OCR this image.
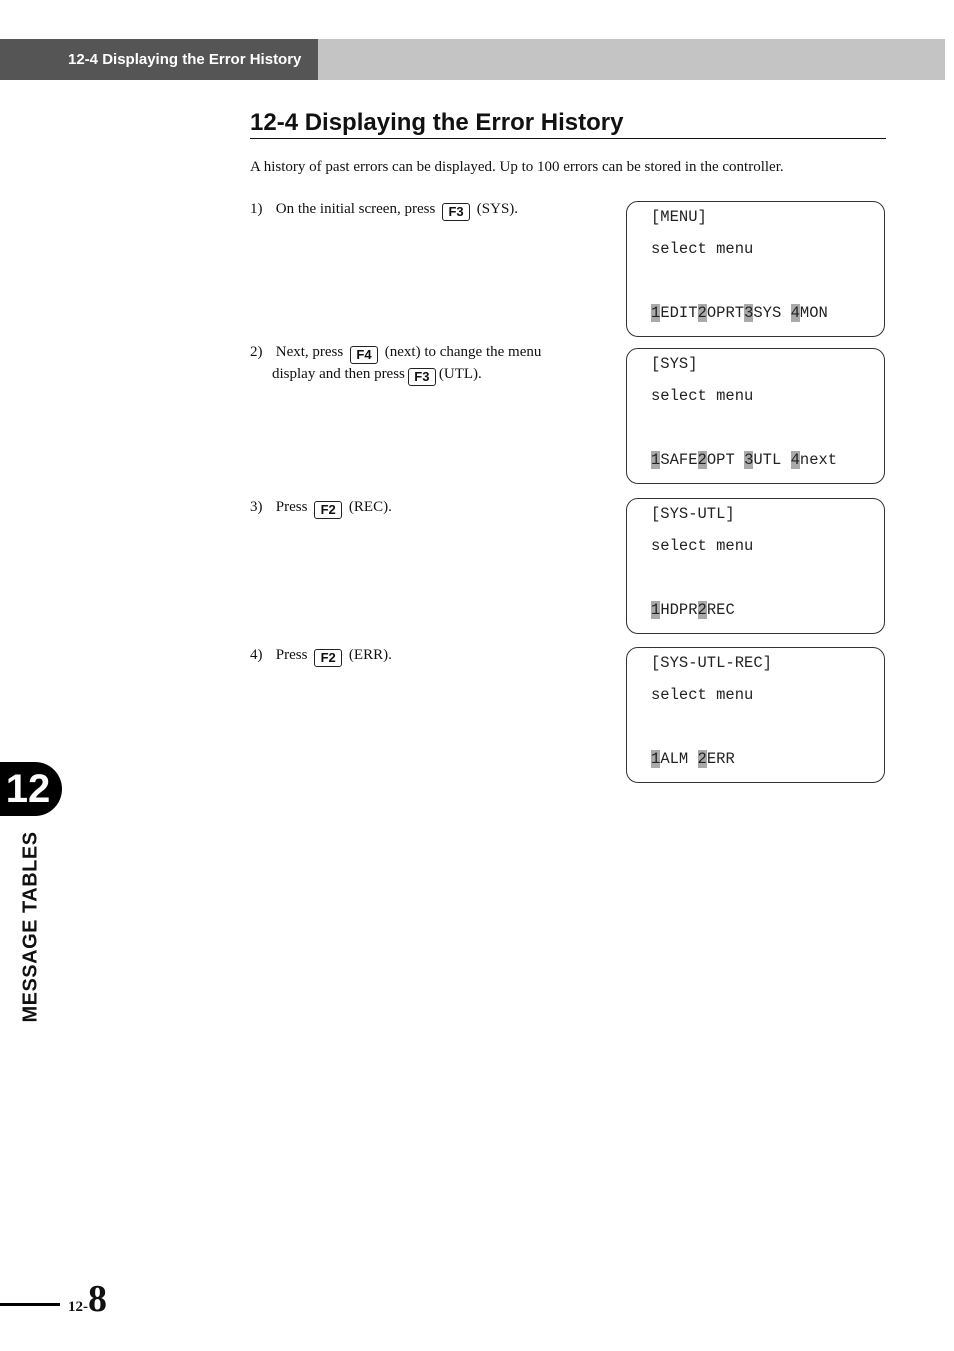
12-4 Displaying the Error History
12-4 Displaying the Error History
A history of past errors can be displayed. Up to 100 errors can be stored in the controller.
1) On the initial screen, press F3 (SYS).	[MENU]
select menu
1EDIT2OPRT3SYS 4MON
2) Next, press F4 (next) to change the menu
display and then press F3 (UTL).
[SYS]
select menu
1SAFE2OPT 3UTL 4next
3) Press F2 (REC).	[SYS-UTL]
select menu
1HDPR2REC
4) Press F2 (ERR).	[SYS-UTL-REC]
select menu
1ALM 2ERR
12
MESSAGE TABLES
12-8
